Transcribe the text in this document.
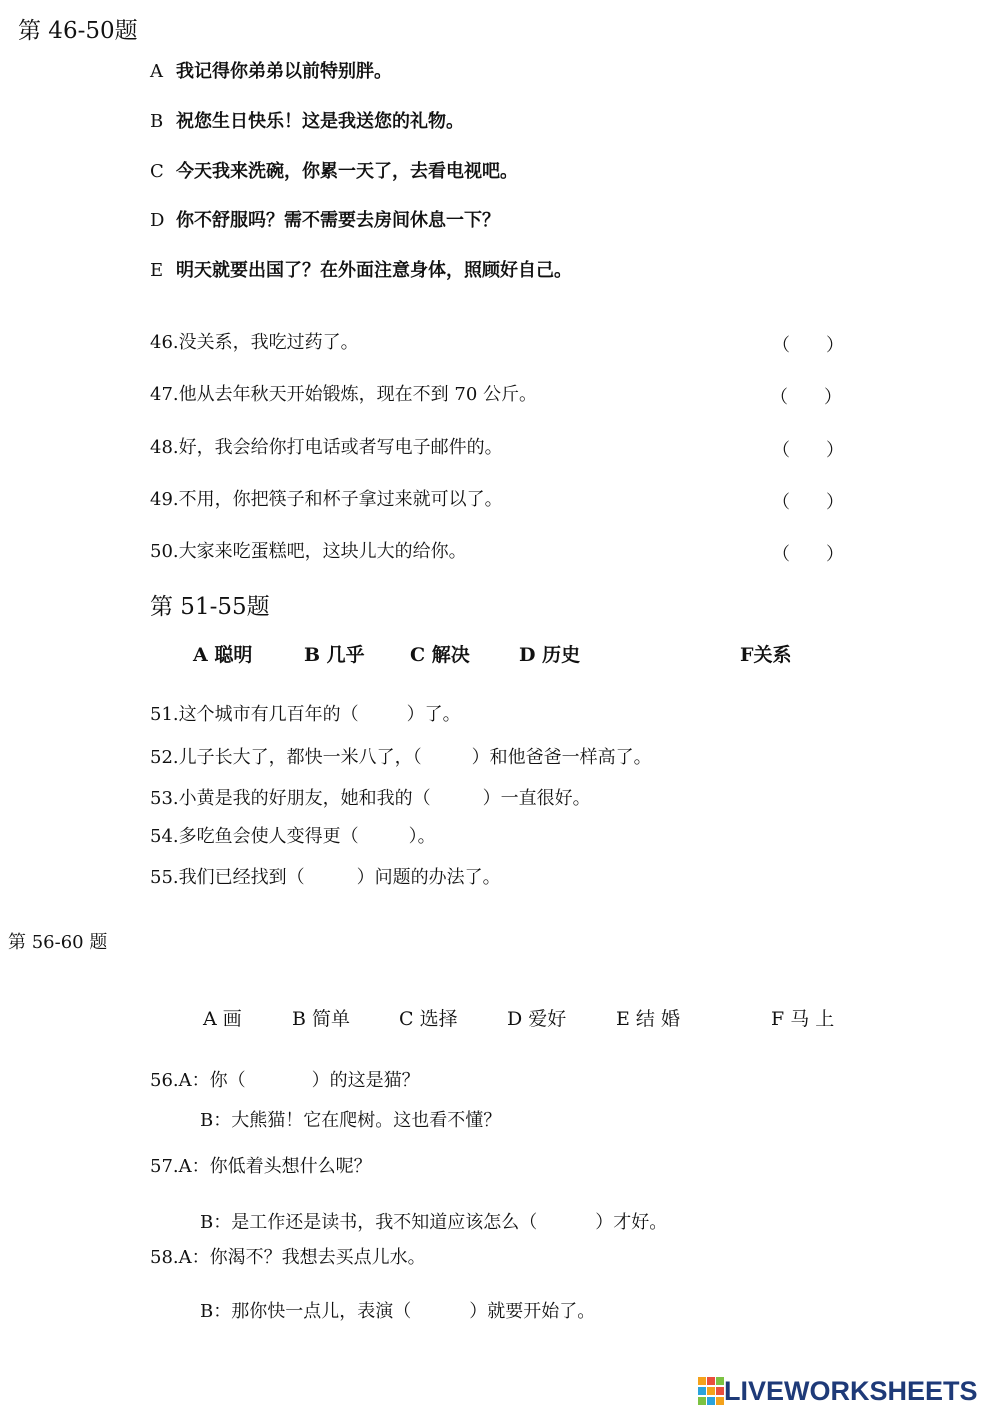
第 46-50题
A 我记得你弟弟以前特别胖。
B 祝您生日快乐！这是我送您的礼物。
C 今天我来洗碗，你累一天了，去看电视吧。
D 你不舒服吗？需不需要去房间休息一下？
E 明天就要出国了？在外面注意身体，照顾好自己。
46.没关系，我吃过药了。	（　　）
47.他从去年秋天开始锻炼，现在不到 70 公斤。	（　　）
48.好，我会给你打电话或者写电子邮件的。	（　　）
49.不用，你把筷子和杯子拿过来就可以了。	（　　）
50.大家来吃蛋糕吧，这块儿大的给你。	（　　）
第 51-55题
A 聪明	B 几乎 C 解决	D 历史	F关系
51.这个城市有几百年的（	）了。
52.儿子长大了，都快一米八了，（	）和他爸爸一样高了。
53.小黄是我的好朋友，她和我的（	）一直很好。
54.多吃鱼会使人变得更（	）。
55.我们已经找到（	）问题的办法了。
第 56-60 题
A 画	B 简单	C 选择	D 爱好	E 结 婚	F 马 上
56.A：你（	）的这是猫？
B：大熊猫！它在爬树。这也看不懂？
57.A：你低着头想什么呢？
B：是工作还是读书，我不知道应该怎么（	）才好。
58.A：你渴不？我想去买点儿水。
B：那你快一点儿，表演（	）就要开始了。
LIVEWORKSHEETS
